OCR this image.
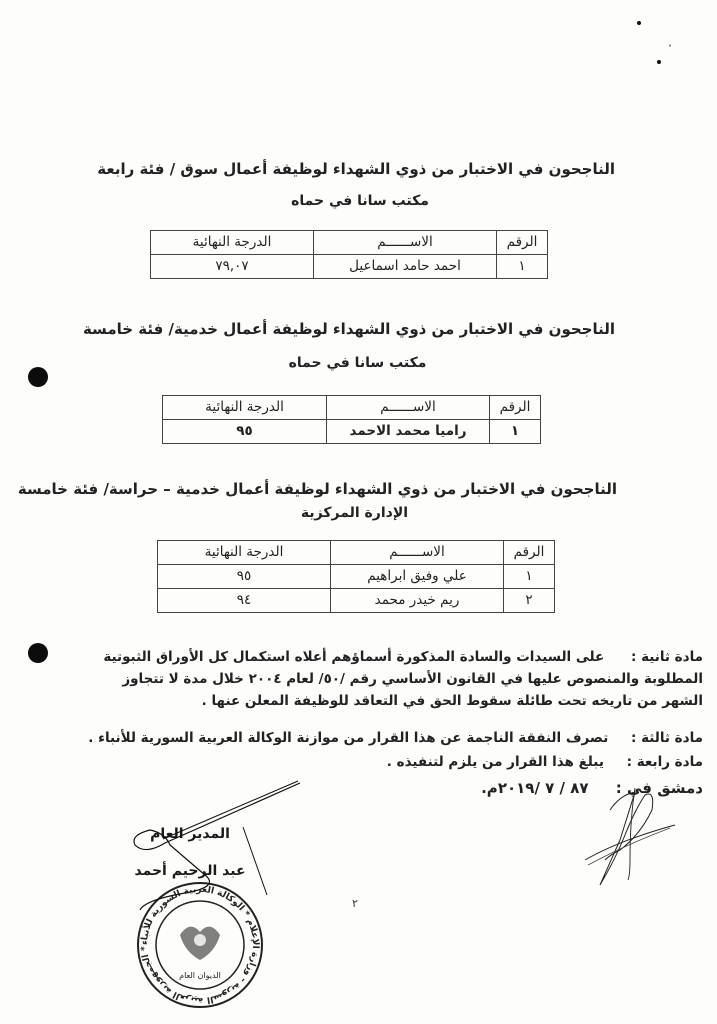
الناجحون في الاختبار من ذوي الشهداء لوظيفة أعمال سوق / فئة رابعة
مكتب سانا في حماه
الرقم	الاســــــم	الدرجة النهائية
١	احمد حامد اسماعيل	٧٩,٠٧
الناجحون في الاختبار من ذوي الشهداء لوظيفة أعمال خدمية/ فئة خامسة
مكتب سانا في حماه
الرقم	الاســــــم	الدرجة النهائية
١	راميا محمد الاحمد	٩٥
الناجحون في الاختبار من ذوي الشهداء لوظيفة أعمال خدمية – حراسة/ فئة خامسة
الإدارة المركزية
الرقم	الاســــــم	الدرجة النهائية
١	علي وفيق ابراهيم	٩٥
٢	ريم خيدر محمد	٩٤
مادة ثانية : على السيدات والسادة المذكورة أسماؤهم أعلاه استكمال كل الأوراق الثبوتية
المطلوبة والمنصوص عليها في القانون الأساسي رقم /٥٠/ لعام ٢٠٠٤ خلال مدة لا تتجاوز
الشهر من تاريخه تحت طائلة سقوط الحق في التعاقد للوظيفة المعلن عنها .
مادة ثالثة : تصرف النفقة الناجمة عن هذا القرار من موازنة الوكالة العربية السورية للأنباء .
مادة رابعة : يبلغ هذا القرار من يلزم لتنفيذه .
دمشق في : ٨٧ / ٧ /٢٠١٩م.
المدير العام
عبد الرحيم أحمد
الجمهورية العربية السورية - وزارة الإعلام * الوكالة العربية السورية للأنباء *
الديوان العام
٢
